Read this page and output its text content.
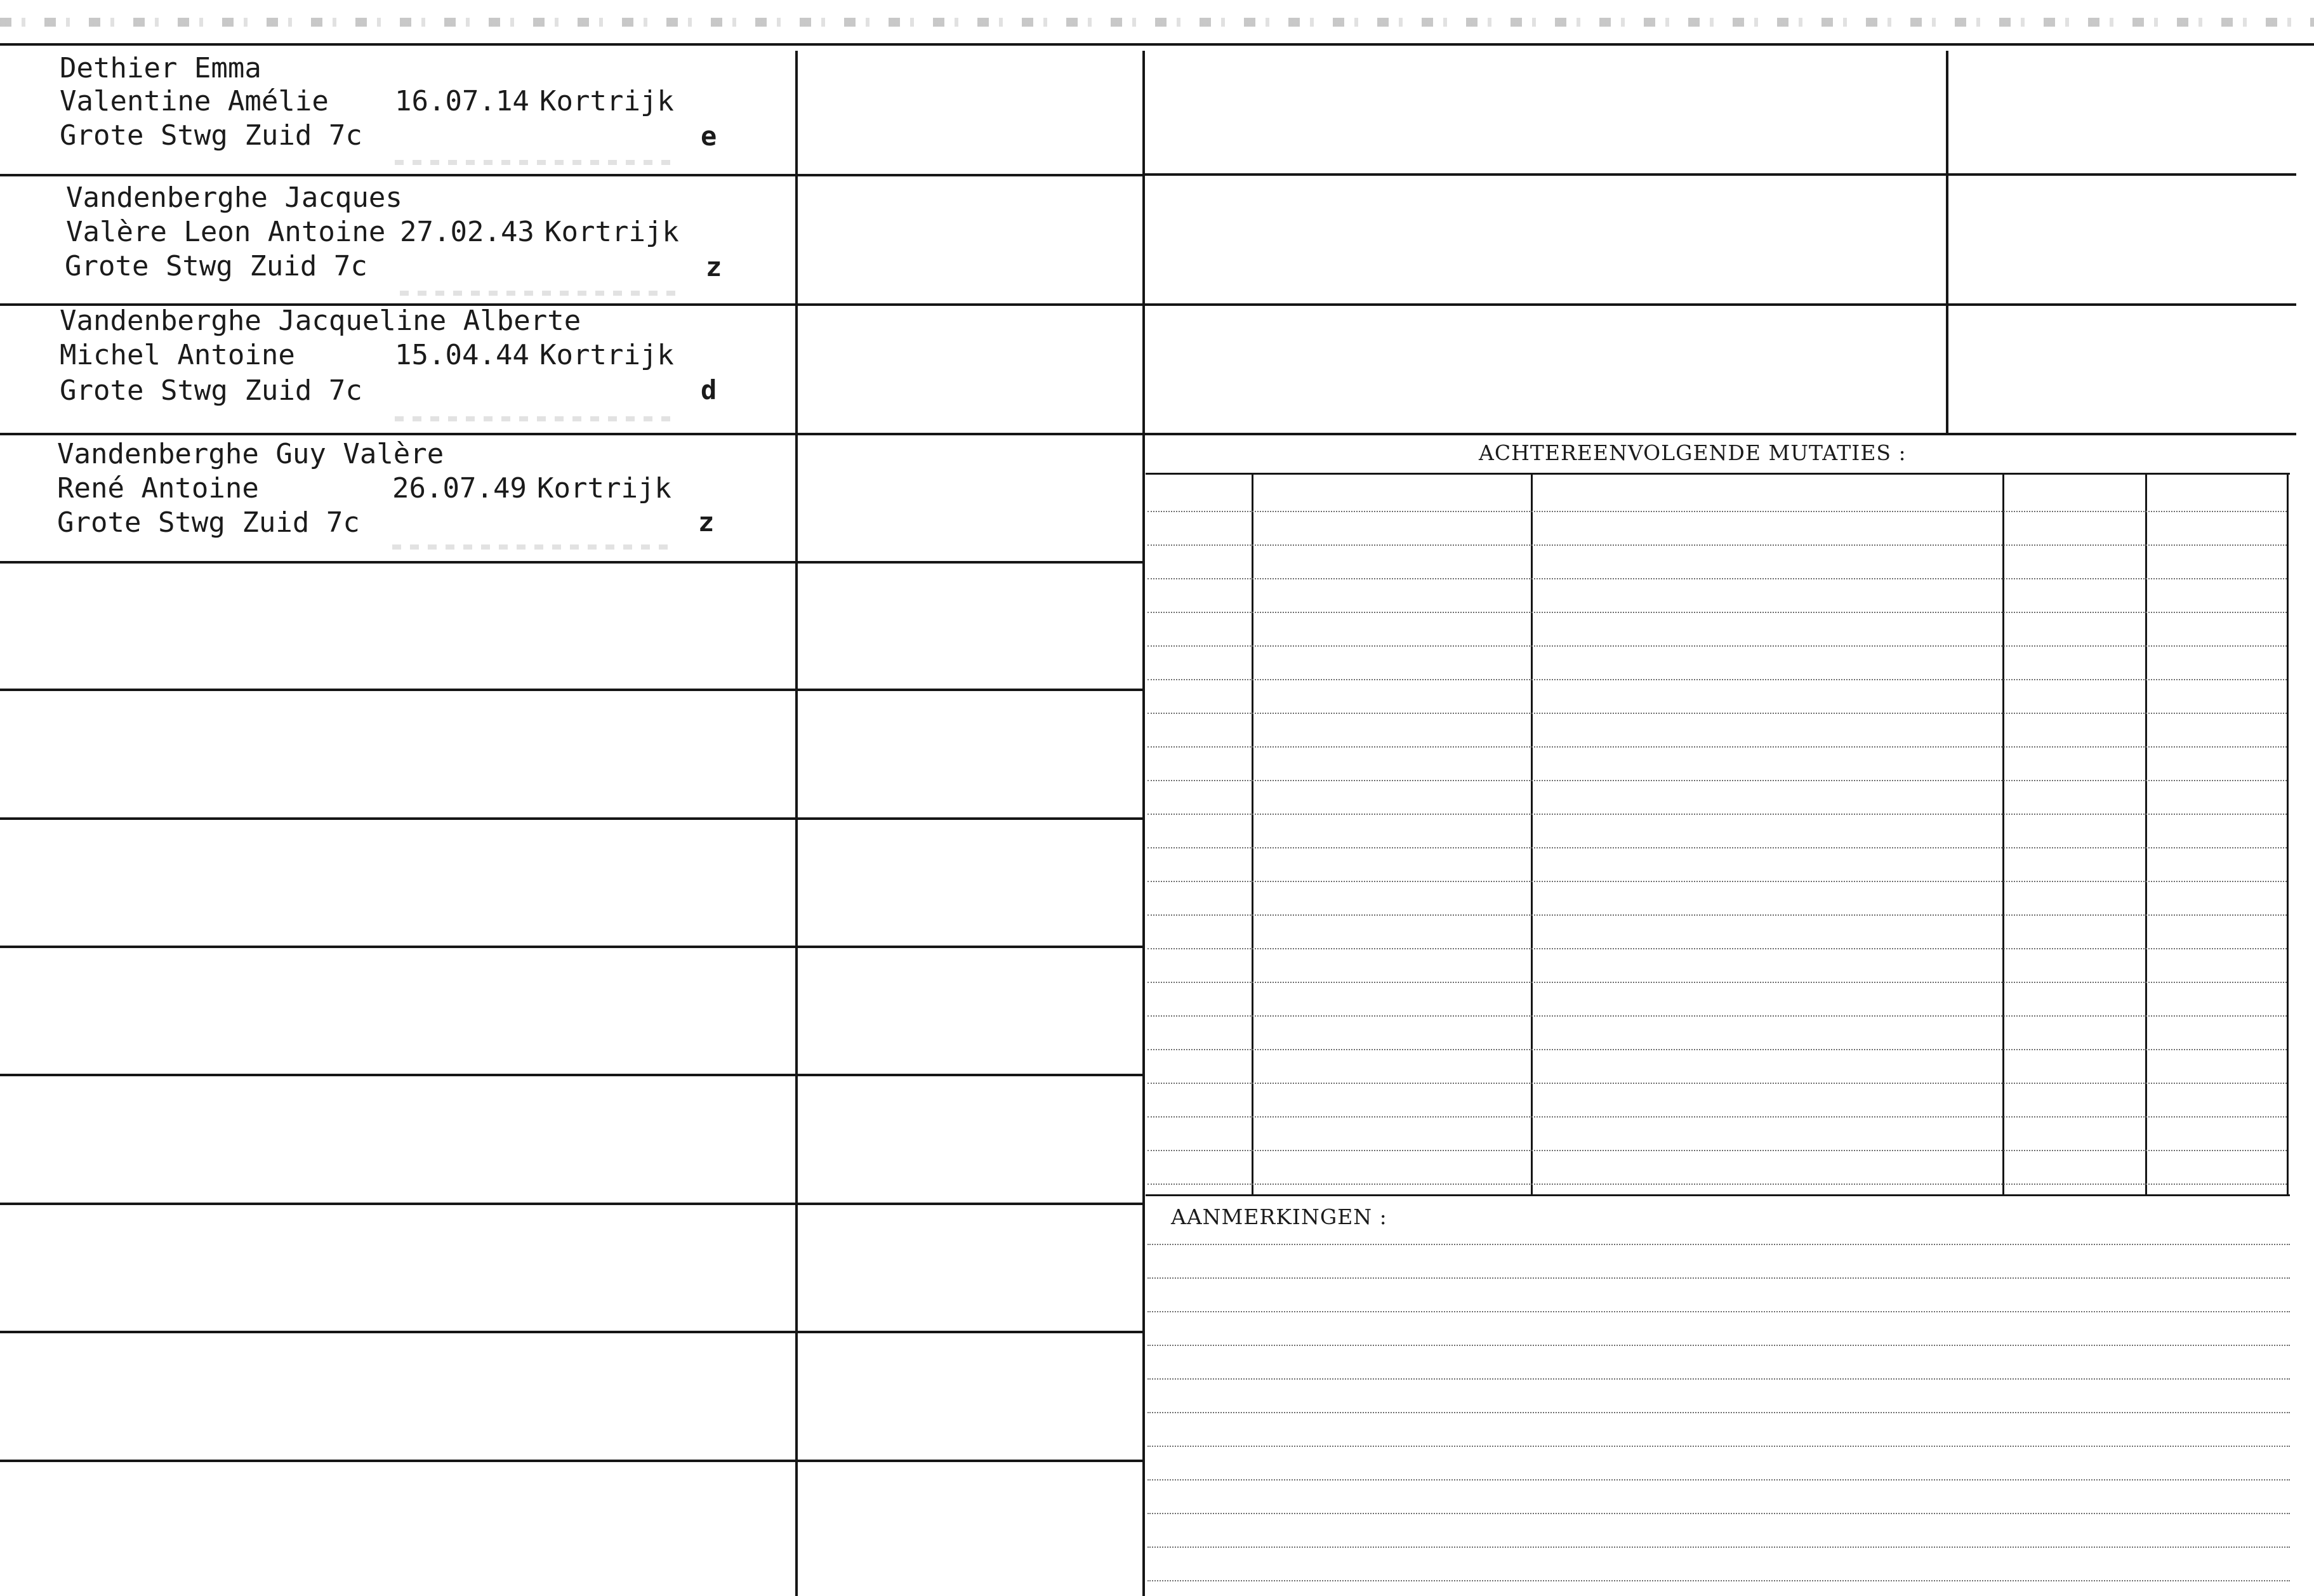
Dethier Emma
Valentine Amélie 16.07.14 Kortrijk
Grote Stwg Zuid 7c	e
Vandenberghe Jacques
Valère Leon Antoine 27.02.43 Kortrijk
Grote Stwg Zuid 7c	z
Vandenberghe Jacqueline Alberte
Michel Antoine	15.04.44 Kortrijk
Grote Stwg Zuid 7c	d
Vandenberghe Guy Valère
René Antoine	26.07.49 Kortrijk
Grote Stwg Zuid 7c	z
ACHTEREENVOLGENDE MUTATIES :
AANMERKINGEN :
